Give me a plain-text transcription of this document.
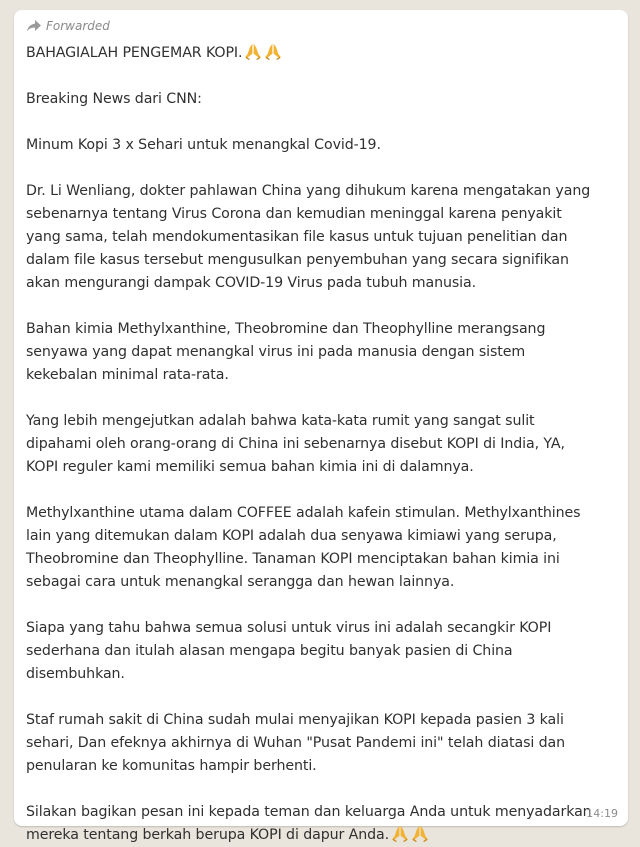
Forwarded
BAHAGIALAH PENGEMAR KOPI.
Breaking News dari CNN:
Minum Kopi 3 x Sehari untuk menangkal Covid-19.
Dr. Li Wenliang, dokter pahlawan China yang dihukum karena mengatakan yang
sebenarnya tentang Virus Corona dan kemudian meninggal karena penyakit
yang sama, telah mendokumentasikan file kasus untuk tujuan penelitian dan
dalam file kasus tersebut mengusulkan penyembuhan yang secara signifikan
akan mengurangi dampak COVID-19 Virus pada tubuh manusia.
Bahan kimia Methylxanthine, Theobromine dan Theophylline merangsang
senyawa yang dapat menangkal virus ini pada manusia dengan sistem
kekebalan minimal rata-rata.
Yang lebih mengejutkan adalah bahwa kata-kata rumit yang sangat sulit
dipahami oleh orang-orang di China ini sebenarnya disebut KOPI di India, YA,
KOPI reguler kami memiliki semua bahan kimia ini di dalamnya.
Methylxanthine utama dalam COFFEE adalah kafein stimulan. Methylxanthines
lain yang ditemukan dalam KOPI adalah dua senyawa kimiawi yang serupa,
Theobromine dan Theophylline. Tanaman KOPI menciptakan bahan kimia ini
sebagai cara untuk menangkal serangga dan hewan lainnya.
Siapa yang tahu bahwa semua solusi untuk virus ini adalah secangkir KOPI
sederhana dan itulah alasan mengapa begitu banyak pasien di China
disembuhkan.
Staf rumah sakit di China sudah mulai menyajikan KOPI kepada pasien 3 kali
sehari, Dan efeknya akhirnya di Wuhan "Pusat Pandemi ini" telah diatasi dan
penularan ke komunitas hampir berhenti.
Silakan bagikan pesan ini kepada teman dan keluarga Anda untuk menyadarkan
mereka tentang berkah berupa KOPI di dapur Anda.
14:19
